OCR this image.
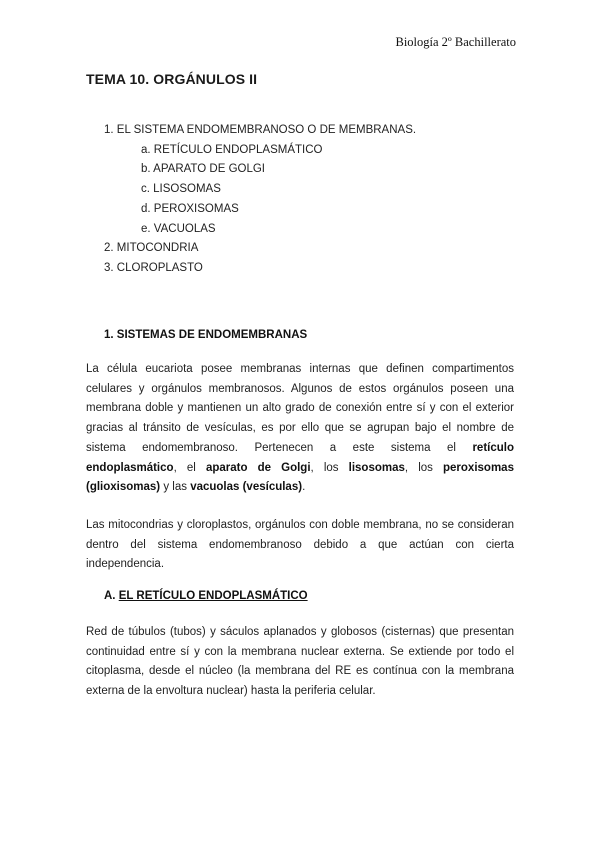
Biología 2º Bachillerato
TEMA 10. ORGÁNULOS II
1. EL SISTEMA ENDOMEMBRANOSO O DE MEMBRANAS.
a. RETÍCULO ENDOPLASMÁTICO
b. APARATO DE GOLGI
c. LISOSOMAS
d. PEROXISOMAS
e. VACUOLAS
2. MITOCONDRIA
3. CLOROPLASTO
1. SISTEMAS DE ENDOMEMBRANAS

La célula eucariota posee membranas internas que definen compartimentos celulares y orgánulos membranosos. Algunos de estos orgánulos poseen una membrana doble y mantienen un alto grado de conexión entre sí y con el exterior gracias al tránsito de vesículas, es por ello que se agrupan bajo el nombre de sistema endomembranoso. Pertenecen a este sistema el retículo endoplasmático, el aparato de Golgi, los lisosomas, los peroxisomas (glioxisomas) y las vacuolas (vesículas).

Las mitocondrias y cloroplastos, orgánulos con doble membrana, no se consideran dentro del sistema endomembranoso debido a que actúan con cierta independencia.

A. EL RETÍCULO ENDOPLASMÁTICO

Red de túbulos (tubos) y sáculos aplanados y globosos (cisternas) que presentan continuidad entre sí y con la membrana nuclear externa. Se extiende por todo el citoplasma, desde el núcleo (la membrana del RE es contínua con la membrana externa de la envoltura nuclear) hasta la periferia celular.
